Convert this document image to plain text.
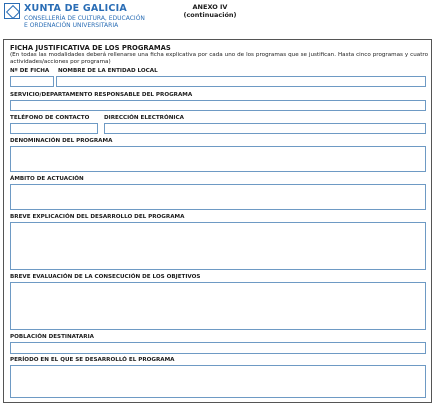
XUNTA DE GALICIA
CONSELLERÍA DE CULTURA, EDUCACIÓN
E ORDENACIÓN UNIVERSITARIA
ANEXO IV
(continuación)
FICHA JUSTIFICATIVA DE LOS PROGRAMAS
(En todas las modalidades deberá rellenarse una ficha explicativa por cada uno de los programas que se justifican. Hasta cinco programas y cuatro actividades/acciones por programa)
Nº DE FICHA NOMBRE DE LA ENTIDAD LOCAL
SERVICIO/DEPARTAMENTO RESPONSABLE DEL PROGRAMA
TELÉFONO DE CONTACTO	DIRECCIÓN ELECTRÓNICA
DENOMINACIÓN DEL PROGRAMA
ÁMBITO DE ACTUACIÓN
BREVE EXPLICACIÓN DEL DESARROLLO DEL PROGRAMA
BREVE EVALUACIÓN DE LA CONSECUCIÓN DE LOS OBJETIVOS
POBLACIÓN DESTINATARIA
PERÍODO EN EL QUE SE DESARROLLÓ EL PROGRAMA
